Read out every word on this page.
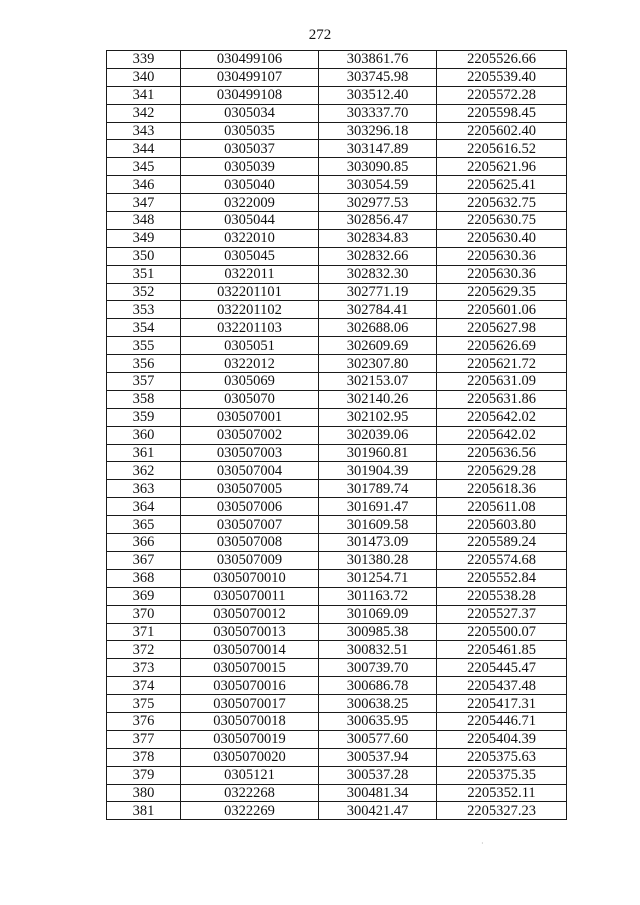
272
339	030499106	303861.76	2205526.66
340	030499107	303745.98	2205539.40
341	030499108	303512.40	2205572.28
342	0305034	303337.70	2205598.45
343	0305035	303296.18	2205602.40
344	0305037	303147.89	2205616.52
345	0305039	303090.85	2205621.96
346	0305040	303054.59	2205625.41
347	0322009	302977.53	2205632.75
348	0305044	302856.47	2205630.75
349	0322010	302834.83	2205630.40
350	0305045	302832.66	2205630.36
351	0322011	302832.30	2205630.36
352	032201101	302771.19	2205629.35
353	032201102	302784.41	2205601.06
354	032201103	302688.06	2205627.98
355	0305051	302609.69	2205626.69
356	0322012	302307.80	2205621.72
357	0305069	302153.07	2205631.09
358	0305070	302140.26	2205631.86
359	030507001	302102.95	2205642.02
360	030507002	302039.06	2205642.02
361	030507003	301960.81	2205636.56
362	030507004	301904.39	2205629.28
363	030507005	301789.74	2205618.36
364	030507006	301691.47	2205611.08
365	030507007	301609.58	2205603.80
366	030507008	301473.09	2205589.24
367	030507009	301380.28	2205574.68
368	0305070010	301254.71	2205552.84
369	0305070011	301163.72	2205538.28
370	0305070012	301069.09	2205527.37
371	0305070013	300985.38	2205500.07
372	0305070014	300832.51	2205461.85
373	0305070015	300739.70	2205445.47
374	0305070016	300686.78	2205437.48
375	0305070017	300638.25	2205417.31
376	0305070018	300635.95	2205446.71
377	0305070019	300577.60	2205404.39
378	0305070020	300537.94	2205375.63
379	0305121	300537.28	2205375.35
380	0322268	300481.34	2205352.11
381	0322269	300421.47	2205327.23
·
